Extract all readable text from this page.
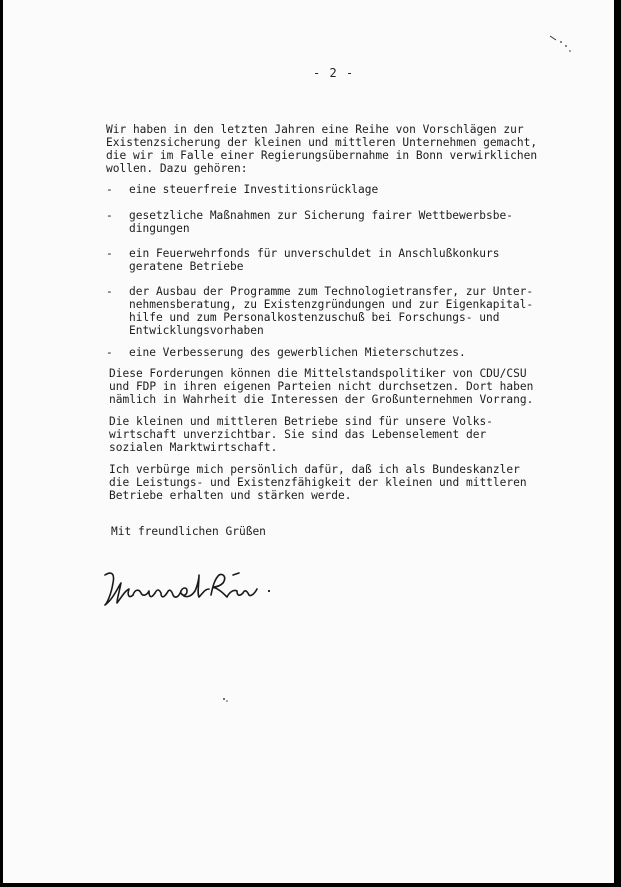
- 2 -
Wir haben in den letzten Jahren eine Reihe von Vorschlägen zur
Existenzsicherung der kleinen und mittleren Unternehmen gemacht,
die wir im Falle einer Regierungsübernahme in Bonn verwirklichen
wollen. Dazu gehören:
- eine steuerfreie Investitionsrücklage
- gesetzliche Maßnahmen zur Sicherung fairer Wettbewerbsbe-
dingungen
- ein Feuerwehrfonds für unverschuldet in Anschlußkonkurs
geratene Betriebe
- der Ausbau der Programme zum Technologietransfer, zur Unter-
nehmensberatung, zu Existenzgründungen und zur Eigenkapital-
hilfe und zum Personalkostenzuschuß bei Forschungs- und
Entwicklungsvorhaben
- eine Verbesserung des gewerblichen Mieterschutzes.
Diese Forderungen können die Mittelstandspolitiker von CDU/CSU
und FDP in ihren eigenen Parteien nicht durchsetzen. Dort haben
nämlich in Wahrheit die Interessen der Großunternehmen Vorrang.
Die kleinen und mittleren Betriebe sind für unsere Volks-
wirtschaft unverzichtbar. Sie sind das Lebenselement der
sozialen Marktwirtschaft.
Ich verbürge mich persönlich dafür, daß ich als Bundeskanzler
die Leistungs- und Existenzfähigkeit der kleinen und mittleren
Betriebe erhalten und stärken werde.
Mit freundlichen Grüßen
